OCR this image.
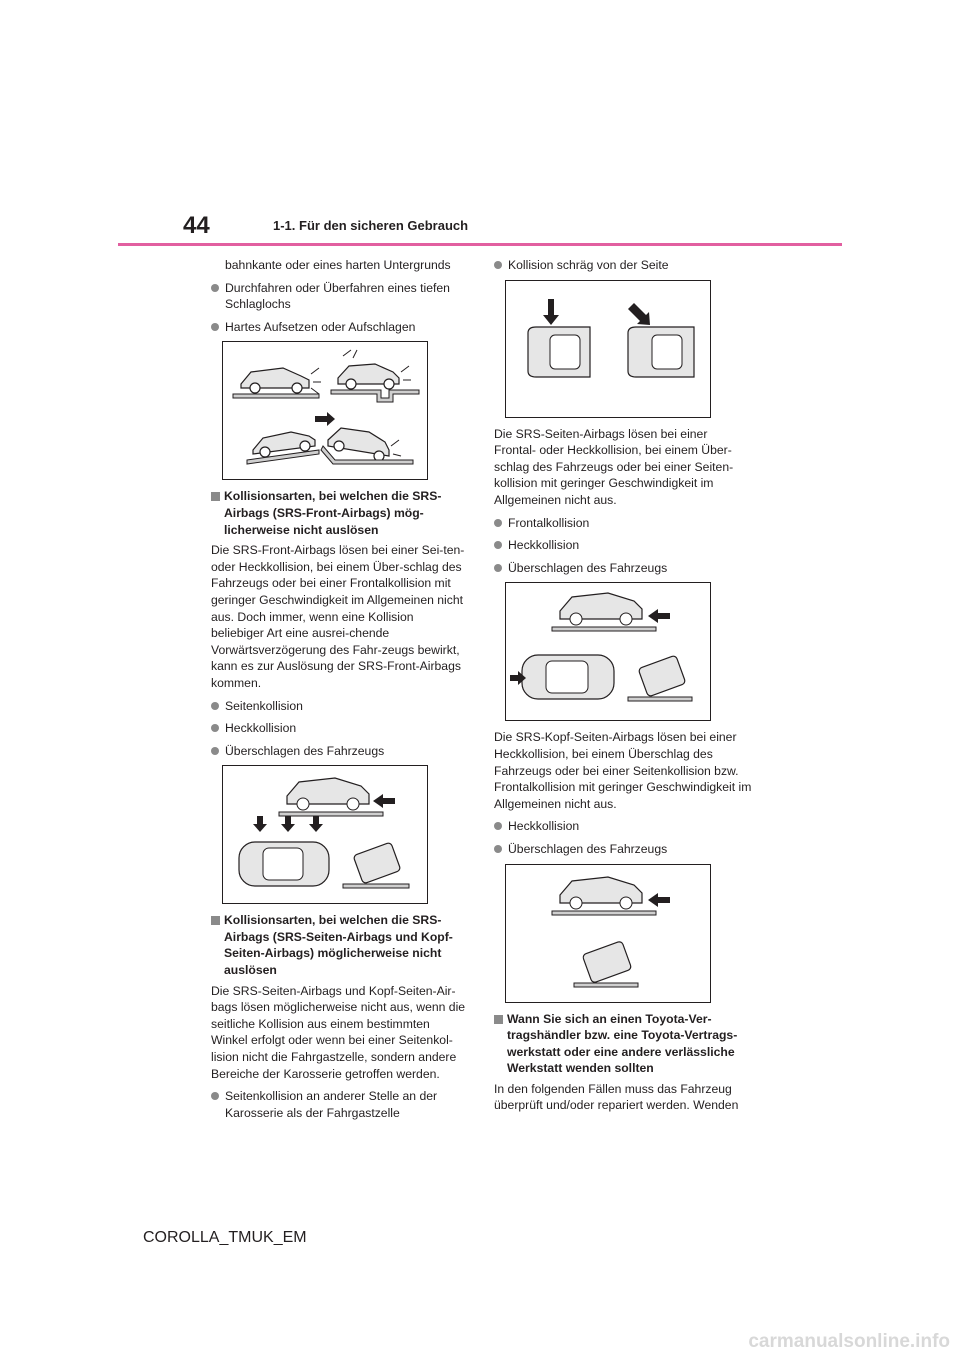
44	1-1. Für den sicheren Gebrauch

bahnkante oder eines harten Untergrunds

Durchfahren oder Überfahren eines tiefen Schlaglochs
Hartes Aufsetzen oder Aufschlagen
Kollisionsarten, bei welchen die SRS-Airbags (SRS-Front-Airbags) mög-licherweise nicht auslösen

Die SRS-Front-Airbags lösen bei einer Sei-ten- oder Heckkollision, bei einem Über-schlag des Fahrzeugs oder bei einer Frontalkollision mit geringer Geschwindigkeit im Allgemeinen nicht aus. Doch immer, wenn eine Kollision beliebiger Art eine ausrei-chende Vorwärtsverzögerung des Fahr-zeugs bewirkt, kann es zur Auslösung der SRS-Front-Airbags kommen.

Seitenkollision
Heckkollision
Überschlagen des Fahrzeugs
Kollisionsarten, bei welchen die SRS-Airbags (SRS-Seiten-Airbags und Kopf-Seiten-Airbags) möglicherweise nicht auslösen

Die SRS-Seiten-Airbags und Kopf-Seiten-Air-bags lösen möglicherweise nicht aus, wenn die seitliche Kollision aus einem bestimmten Winkel erfolgt oder wenn bei einer Seitenkol-lision nicht die Fahrgastzelle, sondern andere Bereiche der Karosserie getroffen werden.

Seitenkollision an anderer Stelle an der Karosserie als der Fahrgastzelle
Kollision schräg von der Seite

Die SRS-Seiten-Airbags lösen bei einer Frontal- oder Heckkollision, bei einem Über-schlag des Fahrzeugs oder bei einer Seiten-kollision mit geringer Geschwindigkeit im Allgemeinen nicht aus.

Frontalkollision
Heckkollision
Überschlagen des Fahrzeugs

Die SRS-Kopf-Seiten-Airbags lösen bei einer Heckkollision, bei einem Überschlag des Fahrzeugs oder bei einer Seitenkollision bzw. Frontalkollision mit geringer Geschwindigkeit im Allgemeinen nicht aus.

Heckkollision
Überschlagen des Fahrzeugs
Wann Sie sich an einen Toyota-Ver-tragshändler bzw. eine Toyota-Vertrags-werkstatt oder eine andere verlässliche Werkstatt wenden sollten

In den folgenden Fällen muss das Fahrzeug überprüft und/oder repariert werden. Wenden

COROLLA_TMUK_EM
carmanualsonline.info
